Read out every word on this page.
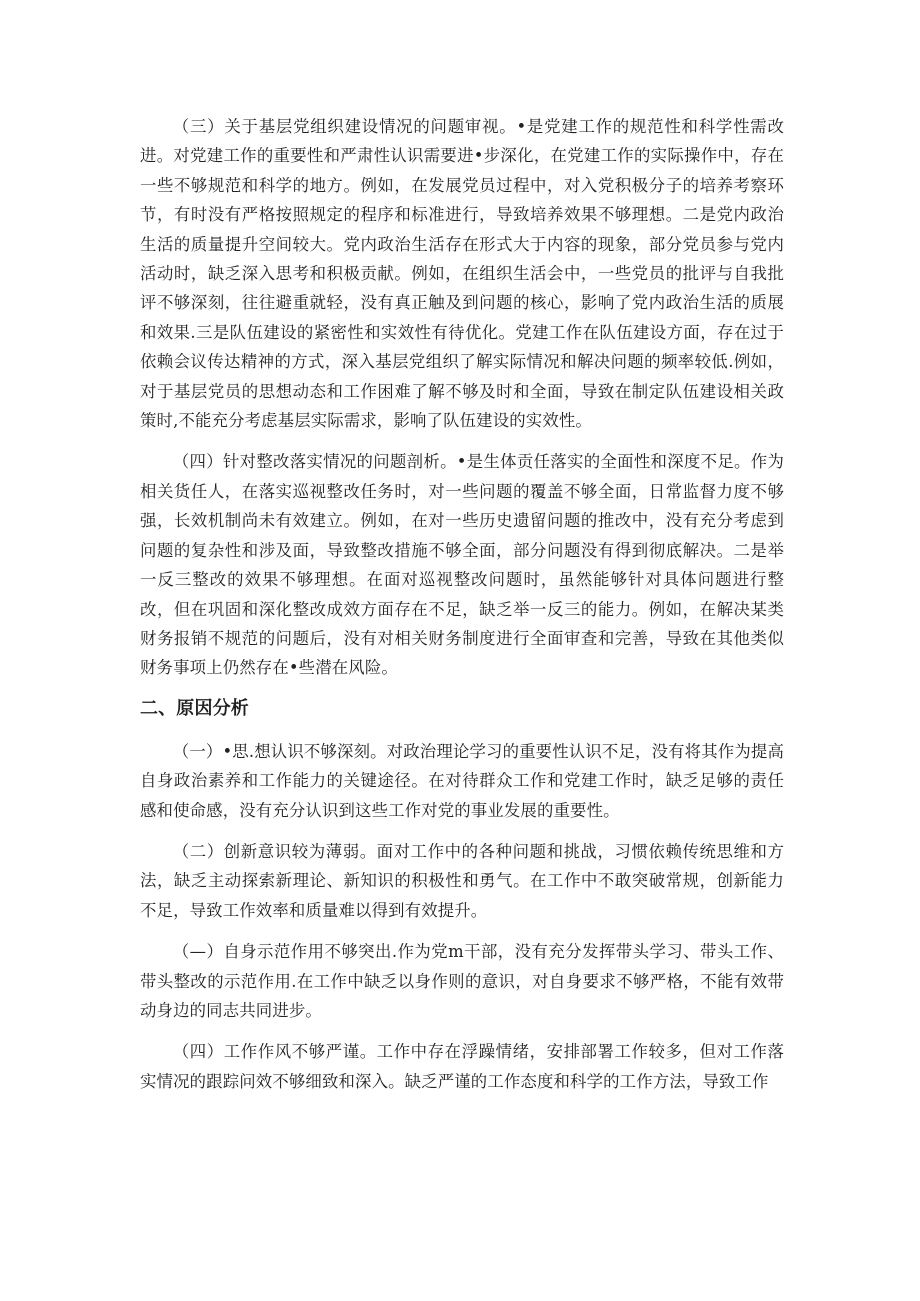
（三）关于基层党组织建设情况的问题审视。•是党建工作的规范性和科学性需改进。对党建工作的重要性和严肃性认识需要进•步深化，在党建工作的实际操作中，存在一些不够规范和科学的地方。例如，在发展党员过程中，对入党积极分子的培养考察环节，有时没有严格按照规定的程序和标准进行，导致培养效果不够理想。二是党内政治生活的质量提升空间较大。党内政治生活存在形式大于内容的现象，部分党员参与党内活动时，缺乏深入思考和积极贡献。例如，在组织生活会中，一些党员的批评与自我批评不够深刻，往往避重就轻，没有真正触及到问题的核心，影响了党内政治生活的质展和效果.三是队伍建设的紧密性和实效性有待优化。党建工作在队伍建设方面，存在过于依赖会议传达精神的方式，深入基层党组织了解实际情况和解决问题的频率较低.例如，对于基层党员的思想动态和工作困难了解不够及时和全面，导致在制定队伍建设相关政策时,不能充分考虑基层实际需求，影响了队伍建设的实效性。

（四）针对整改落实情况的问题剖析。•是生体贡任落实的全面性和深度不足。作为相关货任人，在落实巡视整改任务时，对一些问题的覆盖不够全面，日常监督力度不够强，长效机制尚未有效建立。例如，在对一些历史遗留问题的推改中，没有充分考虑到问题的复杂性和涉及面，导致整改措施不够全面，部分问题没有得到彻底解决。二是举一反三整改的效果不够理想。在面对巡视整改问题时，虽然能够针对具体问题进行整改，但在巩固和深化整改成效方面存在不足，缺乏举一反三的能力。例如，在解决某类财务报销不规范的问题后，没有对相关财务制度进行全面审查和完善，导致在其他类似财务事项上仍然存在•些潜在风险。

二、原因分析

（一）•思.想认识不够深刻。对政治理论学习的重要性认识不足，没有将其作为提高自身政治素养和工作能力的关键途径。在对待群众工作和党建工作时，缺乏足够的责任感和使命感，没有充分认识到这些工作对党的事业发展的重要性。

（二）创新意识较为薄弱。面对工作中的各种问题和挑战，习惯依赖传统思维和方法，缺乏主动探索新理论、新知识的积极性和勇气。在工作中不敢突破常规，创新能力不足，导致工作效率和质量难以得到有效提升。

（—）自身示范作用不够突出.作为党m干部，没有充分发挥带头学习、带头工作、带头整改的示范作用.在工作中缺乏以身作则的意识，对自身要求不够严格，不能有效带动身边的同志共同进步。

（四）工作作风不够严谨。工作中存在浮躁情绪，安排部署工作较多，但对工作落实情况的跟踪问效不够细致和深入。缺乏严谨的工作态度和科学的工作方法，导致工作
